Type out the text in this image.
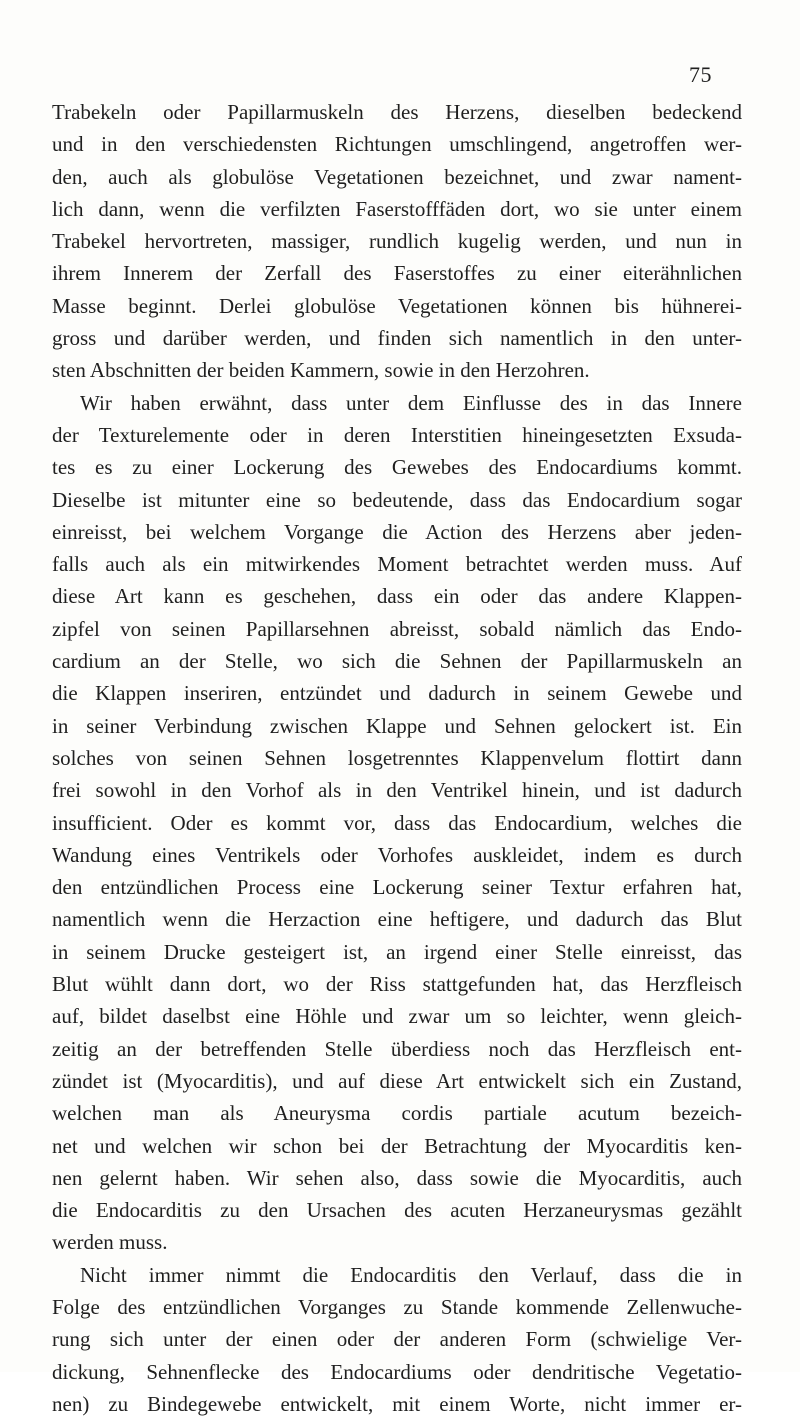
75
Trabekeln oder Papillarmuskeln des Herzens, dieselben bedeckend
und in den verschiedensten Richtungen umschlingend, angetroffen wer-
den, auch als globulöse Vegetationen bezeichnet, und zwar nament-
lich dann, wenn die verfilzten Faserstofffäden dort, wo sie unter einem
Trabekel hervortreten, massiger, rundlich kugelig werden, und nun in
ihrem Innerem der Zerfall des Faserstoffes zu einer eiterähnlichen
Masse beginnt. Derlei globulöse Vegetationen können bis hühnerei-
gross und darüber werden, und finden sich namentlich in den unter-
sten Abschnitten der beiden Kammern, sowie in den Herzohren.
Wir haben erwähnt, dass unter dem Einflusse des in das Innere
der Texturelemente oder in deren Interstitien hineingesetzten Exsuda-
tes es zu einer Lockerung des Gewebes des Endocardiums kommt.
Dieselbe ist mitunter eine so bedeutende, dass das Endocardium sogar
einreisst, bei welchem Vorgange die Action des Herzens aber jeden-
falls auch als ein mitwirkendes Moment betrachtet werden muss. Auf
diese Art kann es geschehen, dass ein oder das andere Klappen-
zipfel von seinen Papillarsehnen abreisst, sobald nämlich das Endo-
cardium an der Stelle, wo sich die Sehnen der Papillarmuskeln an
die Klappen inseriren, entzündet und dadurch in seinem Gewebe und
in seiner Verbindung zwischen Klappe und Sehnen gelockert ist. Ein
solches von seinen Sehnen losgetrenntes Klappenvelum flottirt dann
frei sowohl in den Vorhof als in den Ventrikel hinein, und ist dadurch
insufficient. Oder es kommt vor, dass das Endocardium, welches die
Wandung eines Ventrikels oder Vorhofes auskleidet, indem es durch
den entzündlichen Process eine Lockerung seiner Textur erfahren hat,
namentlich wenn die Herzaction eine heftigere, und dadurch das Blut
in seinem Drucke gesteigert ist, an irgend einer Stelle einreisst, das
Blut wühlt dann dort, wo der Riss stattgefunden hat, das Herzfleisch
auf, bildet daselbst eine Höhle und zwar um so leichter, wenn gleich-
zeitig an der betreffenden Stelle überdiess noch das Herzfleisch ent-
zündet ist (Myocarditis), und auf diese Art entwickelt sich ein Zustand,
welchen man als Aneurysma cordis partiale acutum bezeich-
net und welchen wir schon bei der Betrachtung der Myocarditis ken-
nen gelernt haben. Wir sehen also, dass sowie die Myocarditis, auch
die Endocarditis zu den Ursachen des acuten Herzaneurysmas gezählt
werden muss.
Nicht immer nimmt die Endocarditis den Verlauf, dass die in
Folge des entzündlichen Vorganges zu Stande kommende Zellenwuche-
rung sich unter der einen oder der anderen Form (schwielige Ver-
dickung, Sehnenflecke des Endocardiums oder dendritische Vegetatio-
nen) zu Bindegewebe entwickelt, mit einem Worte, nicht immer er-
